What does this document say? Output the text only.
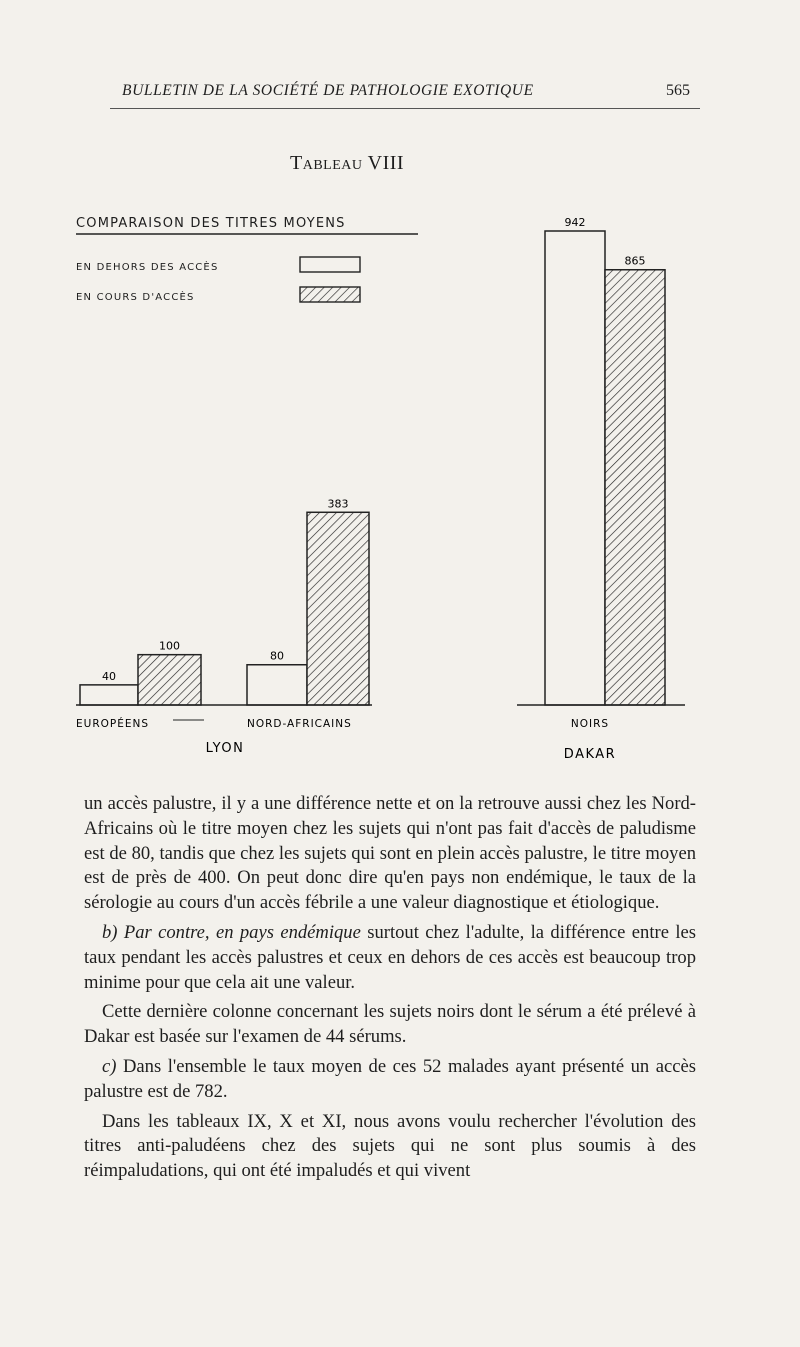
BULLETIN DE LA SOCIÉTÉ DE PATHOLOGIE EXOTIQUE	565
Tableau VIII
COMPARAISON DES TITRES MOYENS
EN DEHORS DES ACCÈS
EN COURS D'ACCÈS
40
100
EUROPÉENS
80
383
NORD-AFRICAINS
942
865
NOIRS
LYON	DAKAR

un accès palustre, il y a une différence nette et on la retrouve aussi chez les Nord-Africains où le titre moyen chez les sujets qui n'ont pas fait d'accès de paludisme est de 80, tandis que chez les sujets qui sont en plein accès palustre, le titre moyen est de près de 400. On peut donc dire qu'en pays non endémique, le taux de la sérologie au cours d'un accès fébrile a une valeur diagnostique et étiologique.

b) Par contre, en pays endémique surtout chez l'adulte, la différence entre les taux pendant les accès palustres et ceux en dehors de ces accès est beaucoup trop minime pour que cela ait une valeur.

Cette dernière colonne concernant les sujets noirs dont le sérum a été prélevé à Dakar est basée sur l'examen de 44 sérums.

c) Dans l'ensemble le taux moyen de ces 52 malades ayant présenté un accès palustre est de 782.

Dans les tableaux IX, X et XI, nous avons voulu rechercher l'évolution des titres anti-paludéens chez des sujets qui ne sont plus soumis à des réimpaludations, qui ont été impaludés et qui vivent
